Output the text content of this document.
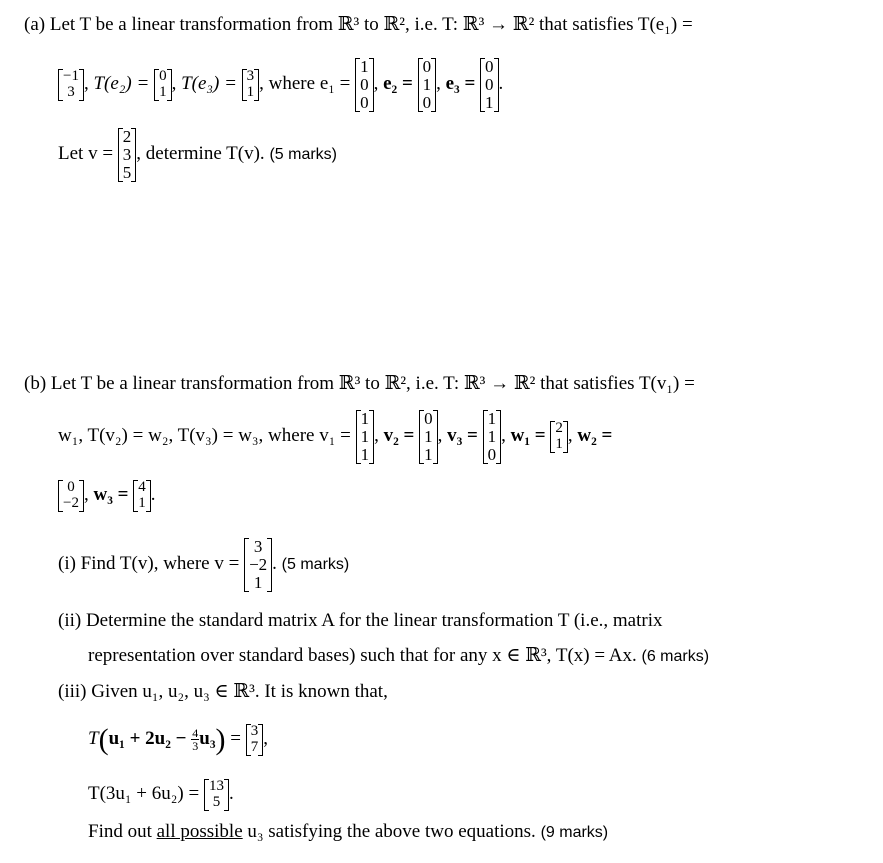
(a) Let T be a linear transformation from ℝ³ to ℝ², i.e. T: ℝ³ → ℝ² that satisfies T(e₁) =
−1
3 , T(e₂) = 0
1 , T(e₃) = 3
1 , where e₁ =
1
0
0
, e₂ =
0
1
0
, e₃ =
0
0
1
.
Let v =
2
3
5
, determine T(v). (5 marks)
(b) Let T be a linear transformation from ℝ³ to ℝ², i.e. T: ℝ³ → ℝ² that satisfies T(v₁) =
w₁, T(v₂) = w₂, T(v₃) = w₃, where v₁ =
1
1
1
, v₂ =
0
1
1
, v₃ =
1
1
0
, w₁ = 2
1 , w₂ =
0
−2 , w₃ = 4
1 .
(i) Find T(v), where v =
3
−2
1
. (5 marks)
(ii) Determine the standard matrix A for the linear transformation T (i.e., matrix
representation over standard bases) such that for any x ∈ ℝ³, T(x) = Ax. (6 marks)
(iii) Given u₁, u₂, u₃ ∈ ℝ³. It is known that,
$T(u_1 + 2u_2 - \frac{4}{3} u_3) = 3$
7 ,
T(3u₁ + 6u₂) = 13
5 .
Find out all possible u₃ satisfying the above two equations. (9 marks)
